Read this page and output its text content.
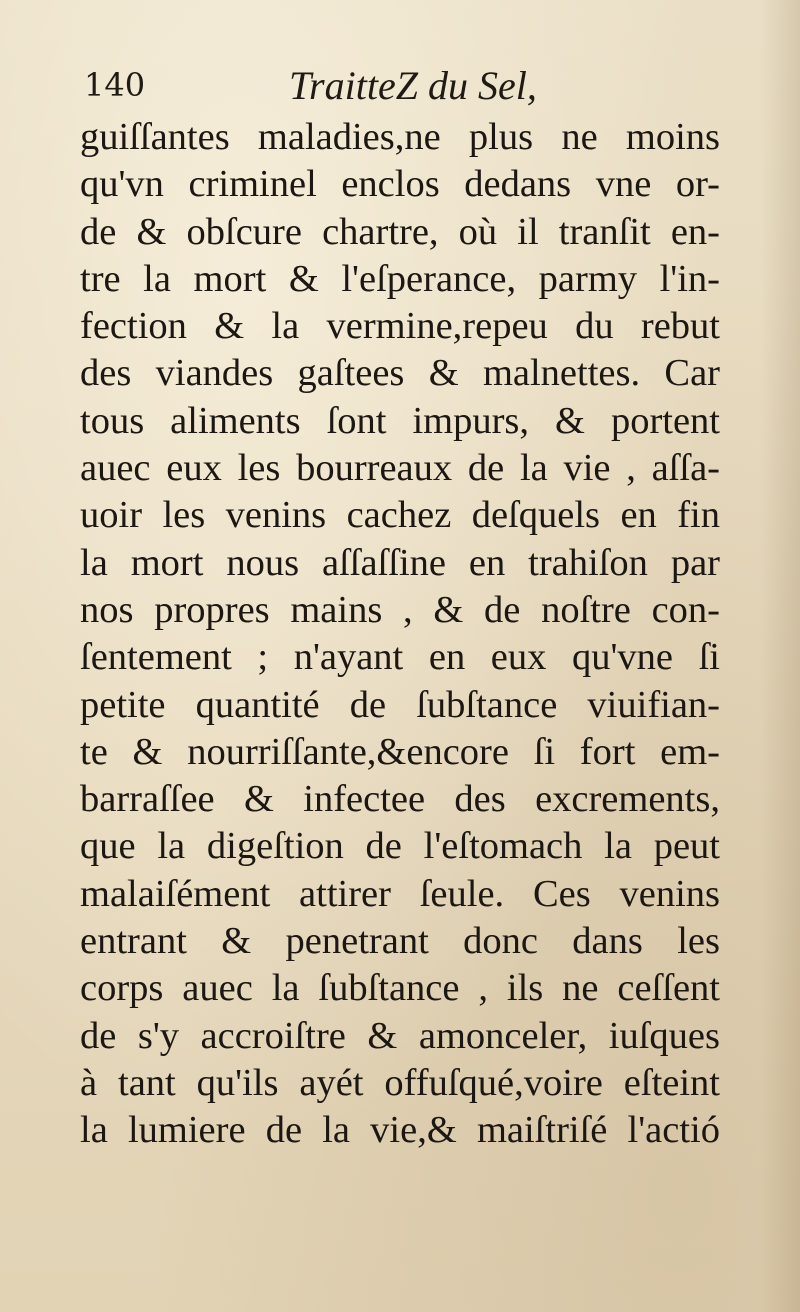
140	TraitteZ du Sel,
guiſſantes maladies,ne plus ne moins
qu'vn criminel enclos dedans vne or-
de & obſcure chartre, où il tranſit en-
tre la mort & l'eſperance, parmy l'in-
fection & la vermine,repeu du rebut
des viandes gaſtees & malnettes. Car
tous aliments ſont impurs, & portent
auec eux les bourreaux de la vie , aſſa-
uoir les venins cachez deſquels en fin
la mort nous aſſaſſine en trahiſon par
nos propres mains , & de noſtre con-
ſentement ; n'ayant en eux qu'vne ſi
petite quantité de ſubſtance viuifian-
te & nourriſſante,&encore ſi fort em-
barraſſee & infectee des excrements,
que la digeſtion de l'eſtomach la peut
malaiſément attirer ſeule. Ces venins
entrant & penetrant donc dans les
corps auec la ſubſtance , ils ne ceſſent
de s'y accroiſtre & amonceler, iuſques
à tant qu'ils ayét offuſqué,voire eſteint
la lumiere de la vie,& maiſtriſé l'actió
